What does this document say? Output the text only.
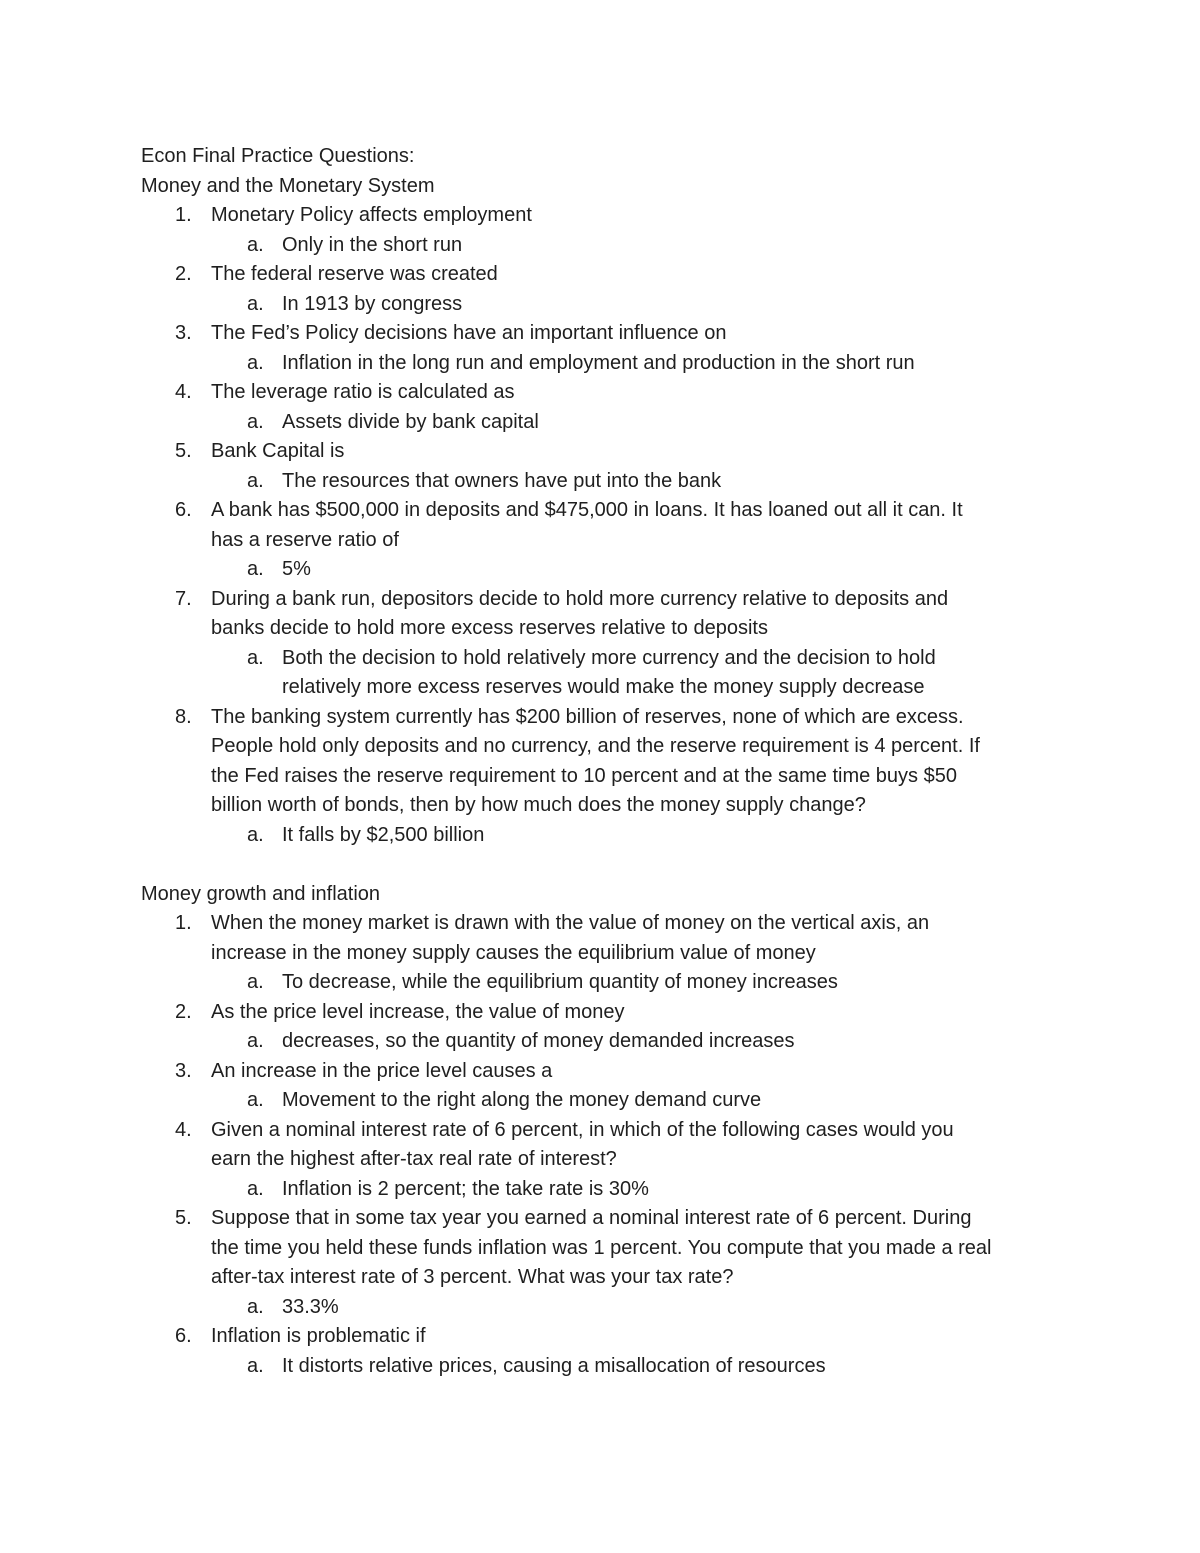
Econ Final Practice Questions:
Money and the Monetary System
1. Monetary Policy affects employment
a. Only in the short run
2. The federal reserve was created
a. In 1913 by congress
3. The Fed’s Policy decisions have an important influence on
a. Inflation in the long run and employment and production in the short run
4. The leverage ratio is calculated as
a. Assets divide by bank capital
5. Bank Capital is
a. The resources that owners have put into the bank
6. A bank has $500,000 in deposits and $475,000 in loans. It has loaned out all it can. It
has a reserve ratio of
a. 5%
7. During a bank run, depositors decide to hold more currency relative to deposits and
banks decide to hold more excess reserves relative to deposits
a. Both the decision to hold relatively more currency and the decision to hold
relatively more excess reserves would make the money supply decrease
8. The banking system currently has $200 billion of reserves, none of which are excess.
People hold only deposits and no currency, and the reserve requirement is 4 percent. If
the Fed raises the reserve requirement to 10 percent and at the same time buys $50
billion worth of bonds, then by how much does the money supply change?
a. It falls by $2,500 billion
Money growth and inflation
1. When the money market is drawn with the value of money on the vertical axis, an
increase in the money supply causes the equilibrium value of money
a. To decrease, while the equilibrium quantity of money increases
2. As the price level increase, the value of money
a. decreases, so the quantity of money demanded increases
3. An increase in the price level causes a
a. Movement to the right along the money demand curve
4. Given a nominal interest rate of 6 percent, in which of the following cases would you
earn the highest after-tax real rate of interest?
a. Inflation is 2 percent; the take rate is 30%
5. Suppose that in some tax year you earned a nominal interest rate of 6 percent. During
the time you held these funds inflation was 1 percent. You compute that you made a real
after-tax interest rate of 3 percent. What was your tax rate?
a. 33.3%
6. Inflation is problematic if
a. It distorts relative prices, causing a misallocation of resources
